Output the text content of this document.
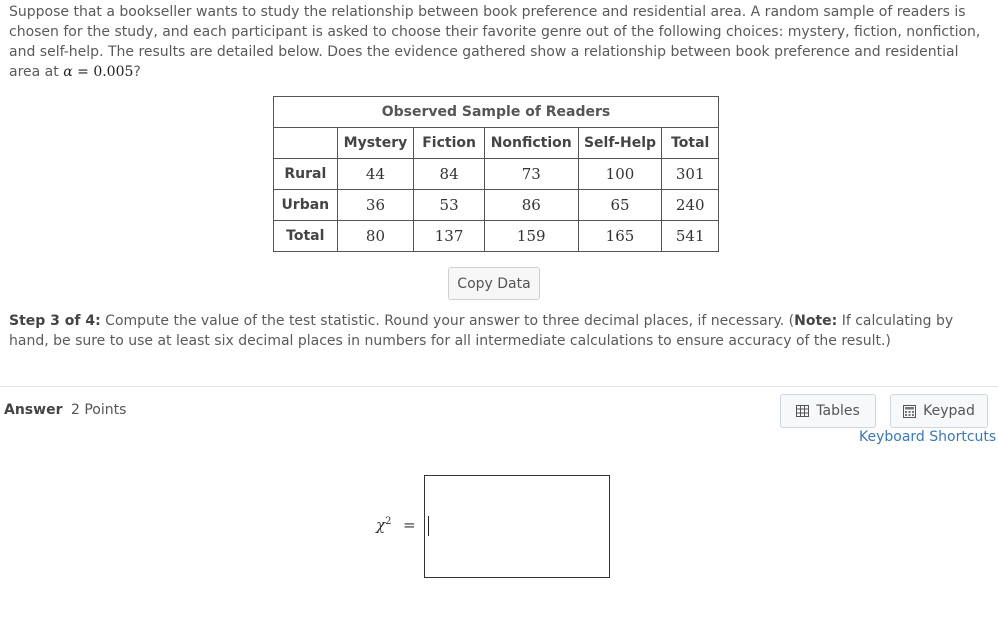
Suppose that a bookseller wants to study the relationship between book preference and residential area. A random sample of readers is chosen for the study, and each participant is asked to choose their favorite genre out of the following choices: mystery, fiction, nonfiction, and self-help. The results are detailed below. Does the evidence gathered show a relationship between book preference and residential area at α = 0.005?
Observed Sample of Readers					
	Mystery	Fiction	Nonfiction	Self-Help	Total
Rural	44	84	73	100	301
Urban	36	53	86	65	240
Total	80	137	159	165	541
Copy Data
Step 3 of 4: Compute the value of the test statistic. Round your answer to three decimal places, if necessary. (Note: If calculating by hand, be sure to use at least six decimal places in numbers for all intermediate calculations to ensure accuracy of the result.)
Answer 2 Points	Tables	Keypad
Keyboard Shortcuts
$\chi^2$ =
